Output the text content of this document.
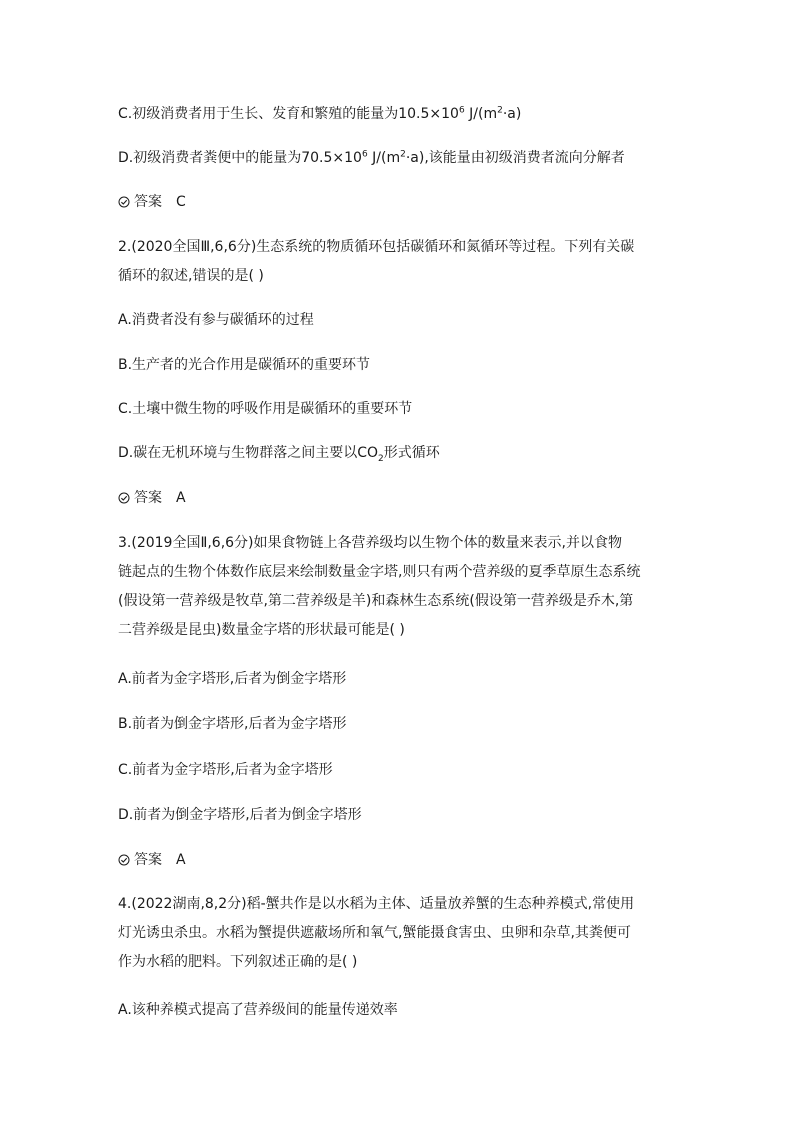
C.初级消费者用于生长、发育和繁殖的能量为$10.5\times 10^6$ $J/(m^2\cdot a)$
D.初级消费者粪便中的能量为$70.5\times 10^6$ $J/(m^2\cdot a)$,该能量由初级消费者流向分解者
答案 C
2.(2020全国Ⅲ,6,6分)生态系统的物质循环包括碳循环和氮循环等过程。下列有关碳
循环的叙述,错误的是( )
A.消费者没有参与碳循环的过程
B.生产者的光合作用是碳循环的重要环节
C.土壤中微生物的呼吸作用是碳循环的重要环节
D.碳在无机环境与生物群落之间主要以$CO_2$形式循环
答案 A
3.(2019全国Ⅱ,6,6分)如果食物链上各营养级均以生物个体的数量来表示,并以食物
链起点的生物个体数作底层来绘制数量金字塔,则只有两个营养级的夏季草原生态系统
(假设第一营养级是牧草,第二营养级是羊)和森林生态系统(假设第一营养级是乔木,第
二营养级是昆虫)数量金字塔的形状最可能是( )
A.前者为金字塔形,后者为倒金字塔形
B.前者为倒金字塔形,后者为金字塔形
C.前者为金字塔形,后者为金字塔形
D.前者为倒金字塔形,后者为倒金字塔形
答案 A
4.(2022湖南,8,2分)稻-蟹共作是以水稻为主体、适量放养蟹的生态种养模式,常使用
灯光诱虫杀虫。水稻为蟹提供遮蔽场所和氧气,蟹能摄食害虫、虫卵和杂草,其粪便可
作为水稻的肥料。下列叙述正确的是( )
A.该种养模式提高了营养级间的能量传递效率
